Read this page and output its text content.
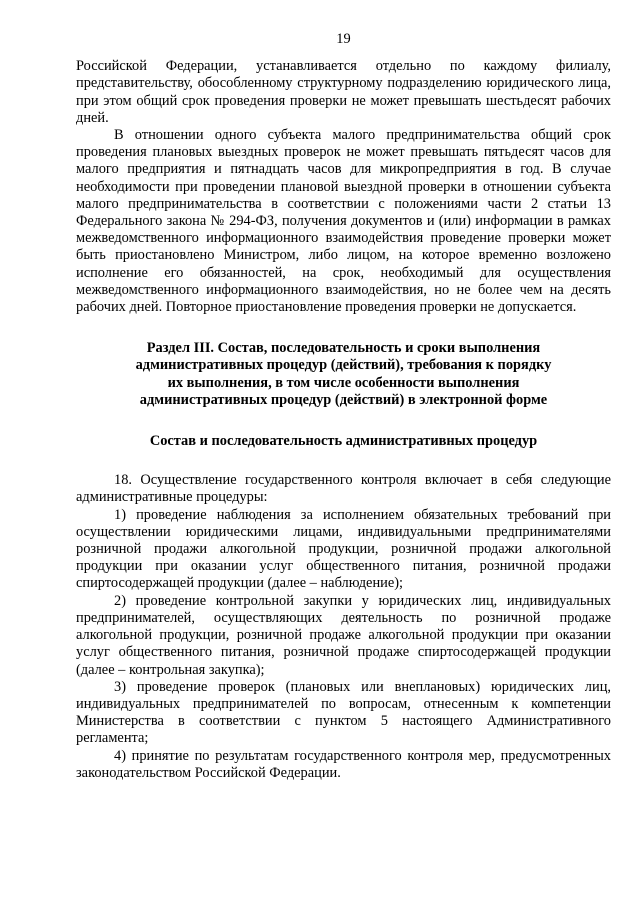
19

Российской Федерации, устанавливается отдельно по каждому филиалу, представительству, обособленному структурному подразделению юридического лица, при этом общий срок проведения проверки не может превышать шестьдесят рабочих дней.

В отношении одного субъекта малого предпринимательства общий срок проведения плановых выездных проверок не может превышать пятьдесят часов для малого предприятия и пятнадцать часов для микропредприятия в год. В случае необходимости при проведении плановой выездной проверки в отношении субъекта малого предпринимательства в соответствии с положениями части 2 статьи 13 Федерального закона № 294-ФЗ, получения документов и (или) информации в рамках межведомственного информационного взаимодействия проведение проверки может быть приостановлено Министром, либо лицом, на которое временно возложено исполнение его обязанностей, на срок, необходимый для осуществления межведомственного информационного взаимодействия, но не более чем на десять рабочих дней. Повторное приостановление проведения проверки не допускается.

Раздел III. Состав, последовательность и сроки выполнения
административных процедур (действий), требования к порядку
их выполнения, в том числе особенности выполнения
административных процедур (действий) в электронной форме
Состав и последовательность административных процедур

18. Осуществление государственного контроля включает в себя следующие административные процедуры:

1) проведение наблюдения за исполнением обязательных требований при осуществлении юридическими лицами, индивидуальными предпринимателями розничной продажи алкогольной продукции, розничной продажи алкогольной продукции при оказании услуг общественного питания, розничной продажи спиртосодержащей продукции (далее – наблюдение);

2) проведение контрольной закупки у юридических лиц, индивидуальных предпринимателей, осуществляющих деятельность по розничной продаже алкогольной продукции, розничной продаже алкогольной продукции при оказании услуг общественного питания, розничной продаже спиртосодержащей продукции (далее – контрольная закупка);

3) проведение проверок (плановых или внеплановых) юридических лиц, индивидуальных предпринимателей по вопросам, отнесенным к компетенции Министерства в соответствии с пунктом 5 настоящего Административного регламента;

4) принятие по результатам государственного контроля мер, предусмотренных законодательством Российской Федерации.
